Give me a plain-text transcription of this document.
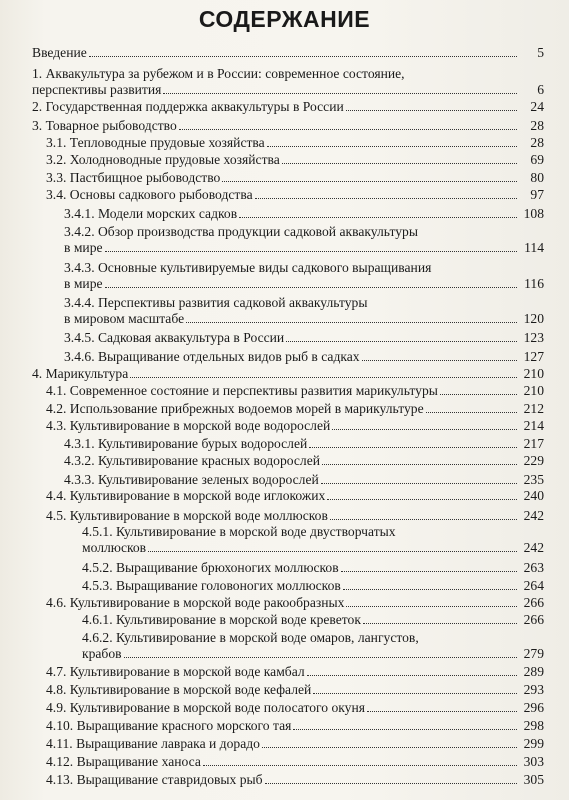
СОДЕРЖАНИЕ
Введение	5
1. Аквакультура за рубежом и в России: современное состояние,
перспективы развития	6
2. Государственная поддержка аквакультуры в России	24
3. Товарное рыбоводство	28
3.1. Тепловодные прудовые хозяйства	28
3.2. Холодноводные прудовые хозяйства	69
3.3. Пастбищное рыбоводство	80
3.4. Основы садкового рыбоводства	97
3.4.1. Модели морских садков	108
3.4.2. Обзор производства продукции садковой аквакультуры
в мире	114
3.4.3. Основные культивируемые виды садкового выращивания
в мире	116
3.4.4. Перспективы развития садковой аквакультуры
в мировом масштабе	120
3.4.5. Садковая аквакультура в России	123
3.4.6. Выращивание отдельных видов рыб в садках	127
4. Марикультура	210
4.1. Современное состояние и перспективы развития марикультуры	210
4.2. Использование прибрежных водоемов морей в марикультуре	212
4.3. Культивирование в морской воде водорослей	214
4.3.1. Культивирование бурых водорослей	217
4.3.2. Культивирование красных водорослей	229
4.3.3. Культивирование зеленых водорослей	235
4.4. Культивирование в морской воде иглокожих	240
4.5. Культивирование в морской воде моллюсков	242
4.5.1. Культивирование в морской воде двустворчатых
моллюсков	242
4.5.2. Выращивание брюхоногих моллюсков	263
4.5.3. Выращивание головоногих моллюсков	264
4.6. Культивирование в морской воде ракообразных	266
4.6.1. Культивирование в морской воде креветок	266
4.6.2. Культивирование в морской воде омаров, лангустов,
крабов	279
4.7. Культивирование в морской воде камбал	289
4.8. Культивирование в морской воде кефалей	293
4.9. Культивирование в морской воде полосатого окуня	296
4.10. Выращивание красного морского тая	298
4.11. Выращивание лаврака и дорадо	299
4.12. Выращивание ханоса	303
4.13. Выращивание ставридовых рыб	305
